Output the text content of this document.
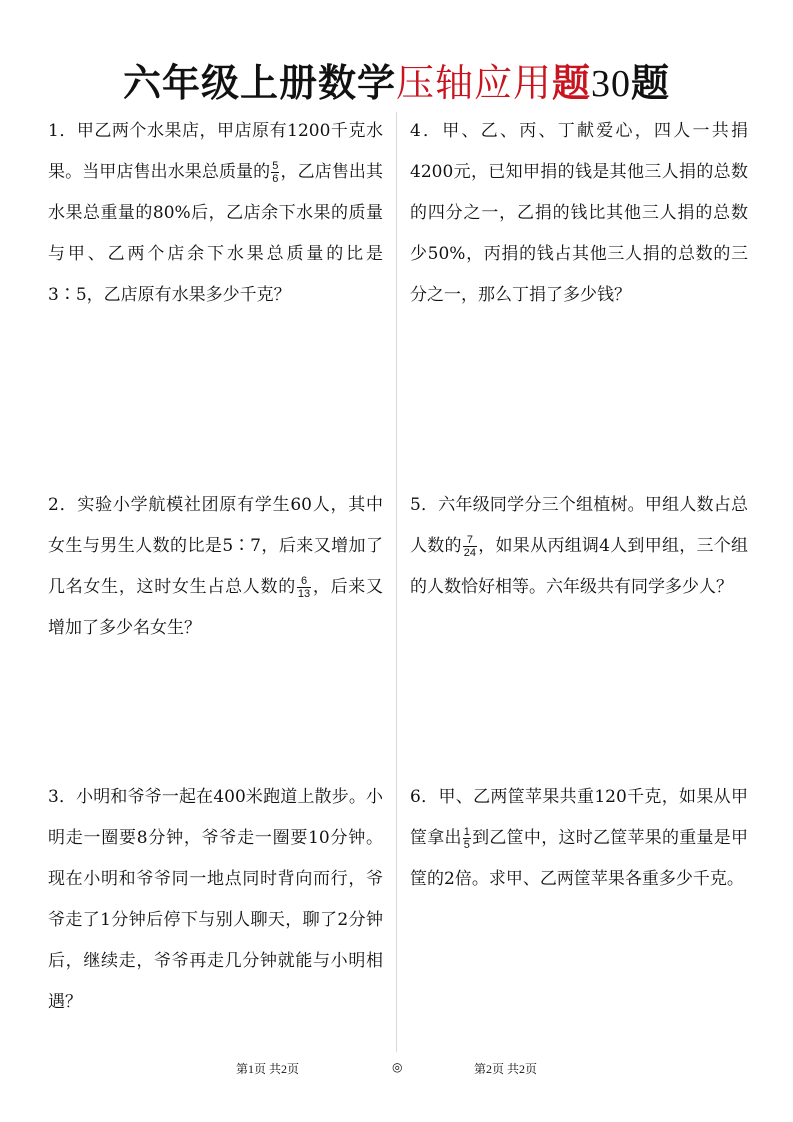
六年级上册数学压轴应用题30题
1．甲乙两个水果店，甲店原有1200千克水果。当甲店售出水果总质量的 $\frac{5}{6}$ ，乙店售出其水果总重量的80%后，乙店余下水果的质量与甲、乙两个店余下水果总质量的比是3∶5，乙店原有水果多少千克？
2．实验小学航模社团原有学生60人，其中女生与男生人数的比是5∶7，后来又增加了几名女生，这时女生占总人数的 $\frac{6}{13}$ ，后来又增加了多少名女生？
3．小明和爷爷一起在400米跑道上散步。小明走一圈要8分钟，爷爷走一圈要10分钟。现在小明和爷爷同一地点同时背向而行，爷爷走了1分钟后停下与别人聊天，聊了2分钟后，继续走，爷爷再走几分钟就能与小明相遇？
4．甲、乙、丙、丁献爱心，四人一共捐4200元，已知甲捐的钱是其他三人捐的总数的四分之一，乙捐的钱比其他三人捐的总数少50%，丙捐的钱占其他三人捐的总数的三分之一，那么丁捐了多少钱？
5．六年级同学分三个组植树。甲组人数占总人数的 $\frac{7}{24}$ ，如果从丙组调4人到甲组，三个组的人数恰好相等。六年级共有同学多少人？
6．甲、乙两筐苹果共重120千克，如果从甲筐拿出 $\frac{1}{5}$ 到乙筐中，这时乙筐苹果的重量是甲筐的2倍。求甲、乙两筐苹果各重多少千克。
第1页 共2页	◎	第2页 共2页
